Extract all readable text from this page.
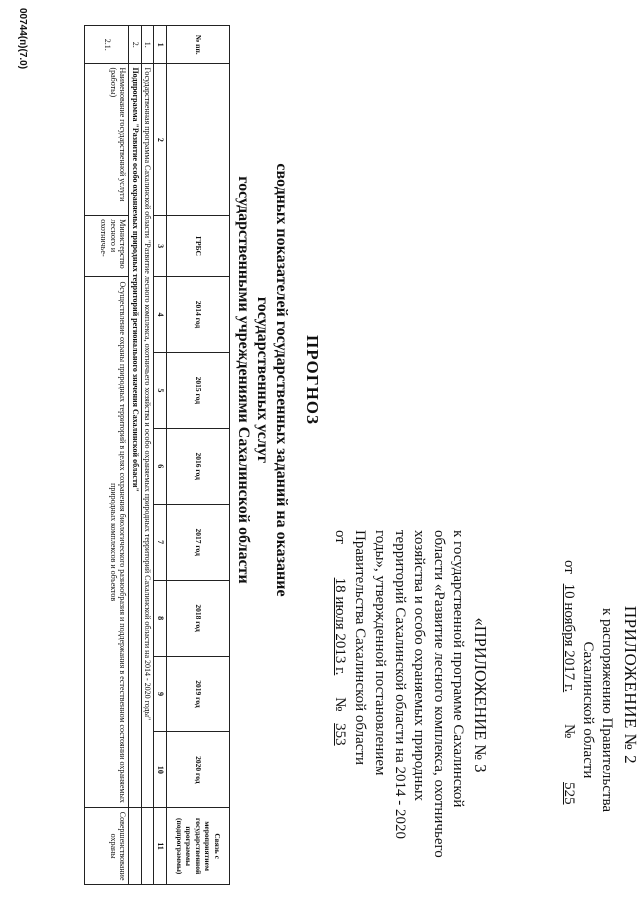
ПРИЛОЖЕНИЕ № 2
к распоряжению Правительства
Сахалинской области
от 10 ноября 2017 г. № 525
«ПРИЛОЖЕНИЕ № 3
к государственной программе Сахалинской области «Развитие лесного комплекса, охотничьего хозяйства и особо охраняемых природных территорий Сахалинской области на 2014 - 2020 годы», утвержденной постановлением Правительства Сахалинской области
от 18 июля 2013 г. № 353
ПРОГНОЗ
сводных показателей государственных заданий на оказание государственных услуг
государственными учреждениями Сахалинской области
№ пп.		ГРБС	2014 год	2015 год	2016 год	2017 год	2018 год	2019 год	2020 год	Связь с мероприятием государственной программы (подпрограммы)
1	2	3	4	5	6	7	8	9	10	11
1.	Государственная программа Сахалинской области "Развитие лесного комплекса, охотничьего хозяйства и особо охраняемых природных территорий Сахалинской области на 2014 - 2020 годы"									
2.	Подпрограмма "Развитие особо охраняемых природных территорий регионального значения Сахалинской области"									
2.1.	Наименование государственной услуги (работы)	Министерство лесного и охотничье-	Осуществление охраны природных территорий в целях сохранения биологического разнообразия и поддержания в естественном состоянии охраняемых природных комплексов и объектов							Совершенствование охраны
00744(п)(7.0)
